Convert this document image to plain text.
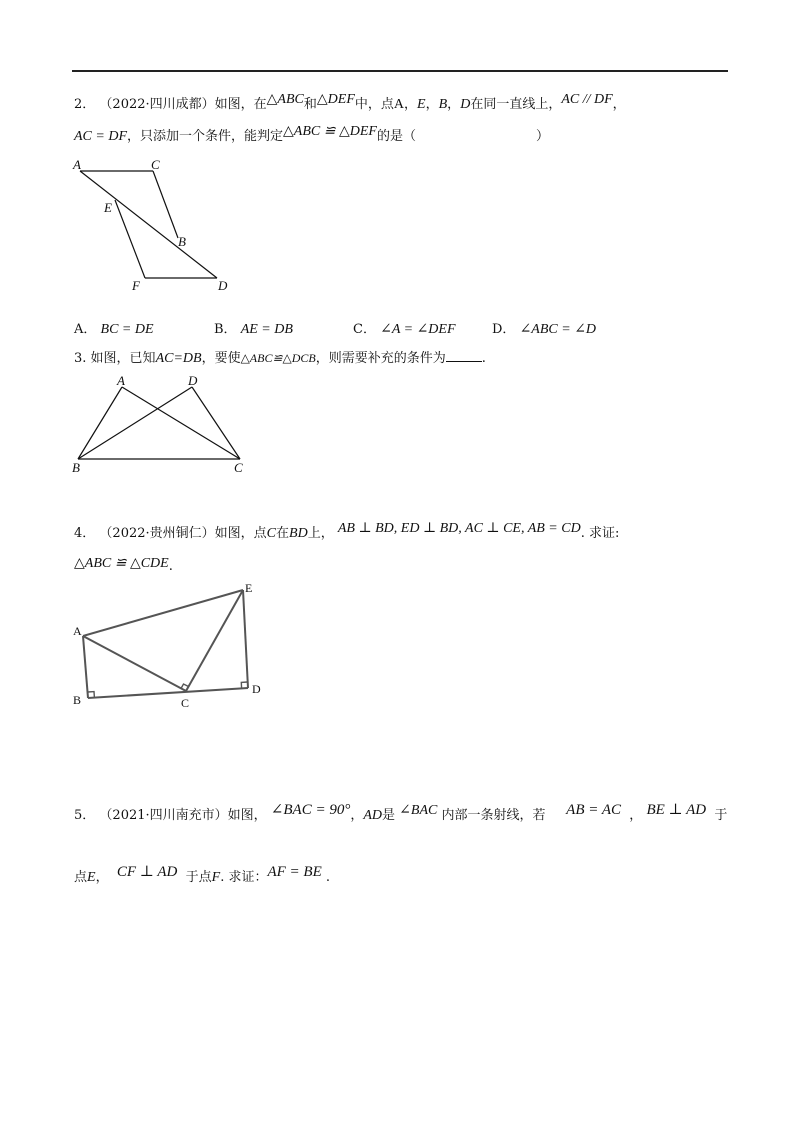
2． （2022·四川成都）如图，在△ABC和△DEF中，点A，E，B，D在同一直线上，AC // DF，
AC = DF，只添加一个条件，能判定△ABC ≌ △DEF的是（	）
A	C
E
B
F	D
A． BC = DE	B． AE = DB	C． ∠A = ∠DEF	D． ∠ABC = ∠D
3. 如图，已知AC=DB，要使△ABC≌△DCB，则需要补充的条件为	.
A	D
B	C
4． （2022·贵州铜仁）如图，点C在BD上， AB ⊥ BD, ED ⊥ BD, AC ⊥ CE, AB = CD. 求证:
△ABC ≌ △CDE.
A
E
B	C
D
5． （2021·四川南充市）如图， ∠BAC = 90°，AD是 ∠BAC 内部一条射线，若 AB = AC ， BE ⊥ AD 于
点E， CF ⊥ AD 于点F. 求证：AF = BE .
